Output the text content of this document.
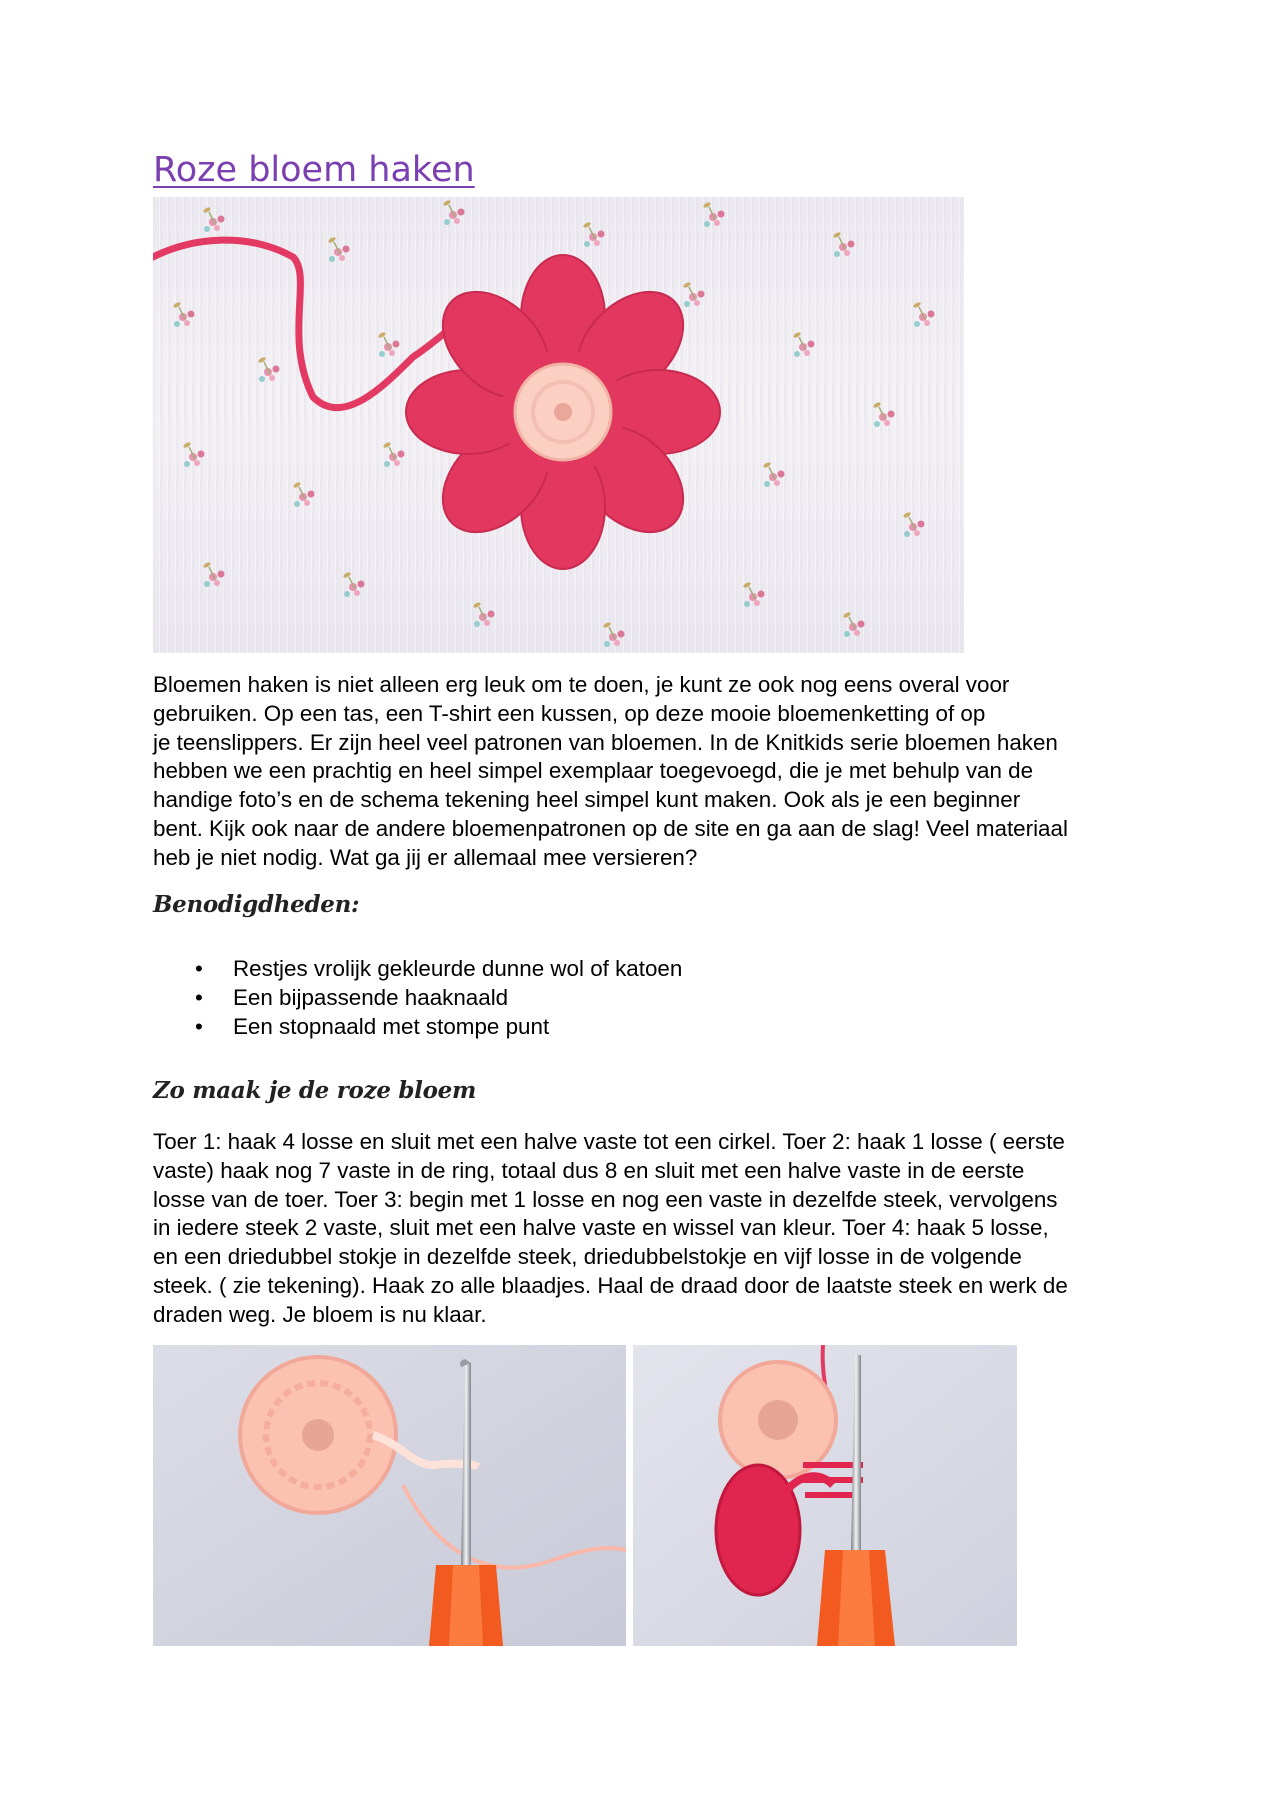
Roze bloem haken

Bloemen haken is niet alleen erg leuk om te doen, je kunt ze ook nog eens overal voor
gebruiken. Op een tas, een T-shirt een kussen, op deze mooie bloemenketting of op
je teenslippers. Er zijn heel veel patronen van bloemen. In de Knitkids serie bloemen haken
hebben we een prachtig en heel simpel exemplaar toegevoegd, die je met behulp van de
handige foto’s en de schema tekening heel simpel kunt maken. Ook als je een beginner
bent. Kijk ook naar de andere bloemenpatronen op de site en ga aan de slag! Veel materiaal
heb je niet nodig. Wat ga jij er allemaal mee versieren?

Benodigdheden:
• Restjes vrolijk gekleurde dunne wol of katoen
• Een bijpassende haaknaald
• Een stopnaald met stompe punt
Zo maak je de roze bloem

Toer 1: haak 4 losse en sluit met een halve vaste tot een cirkel. Toer 2: haak 1 losse ( eerste
vaste) haak nog 7 vaste in de ring, totaal dus 8 en sluit met een halve vaste in de eerste
losse van de toer. Toer 3: begin met 1 losse en nog een vaste in dezelfde steek, vervolgens
in iedere steek 2 vaste, sluit met een halve vaste en wissel van kleur. Toer 4: haak 5 losse,
en een driedubbel stokje in dezelfde steek, driedubbelstokje en vijf losse in de volgende
steek. ( zie tekening). Haak zo alle blaadjes. Haal de draad door de laatste steek en werk de
draden weg. Je bloem is nu klaar.
